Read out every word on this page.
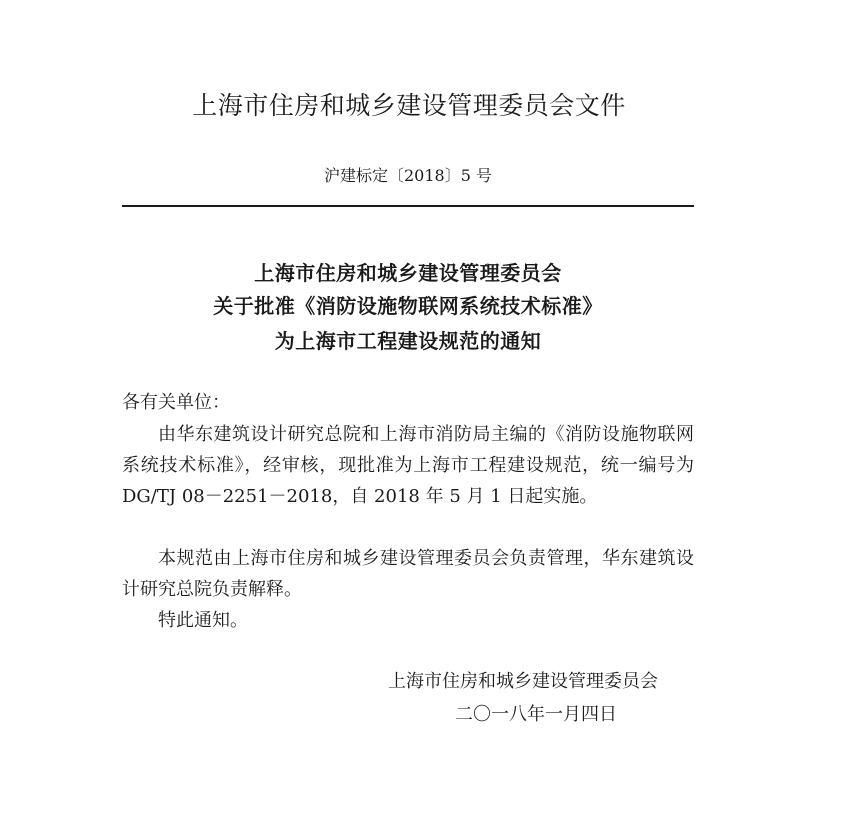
上海市住房和城乡建设管理委员会文件
沪建标定〔2018〕5 号
上海市住房和城乡建设管理委员会
关于批准《消防设施物联网系统技术标准》
为上海市工程建设规范的通知
各有关单位：

由华东建筑设计研究总院和上海市消防局主编的《消防设施物联网系统技术标准》，经审核，现批准为上海市工程建设规范，统一编号为 DG/TJ 08－2251－2018，自 2018 年 5 月 1 日起实施。

本规范由上海市住房和城乡建设管理委员会负责管理，华东建筑设计研究总院负责解释。

特此通知。

上海市住房和城乡建设管理委员会
二〇一八年一月四日
